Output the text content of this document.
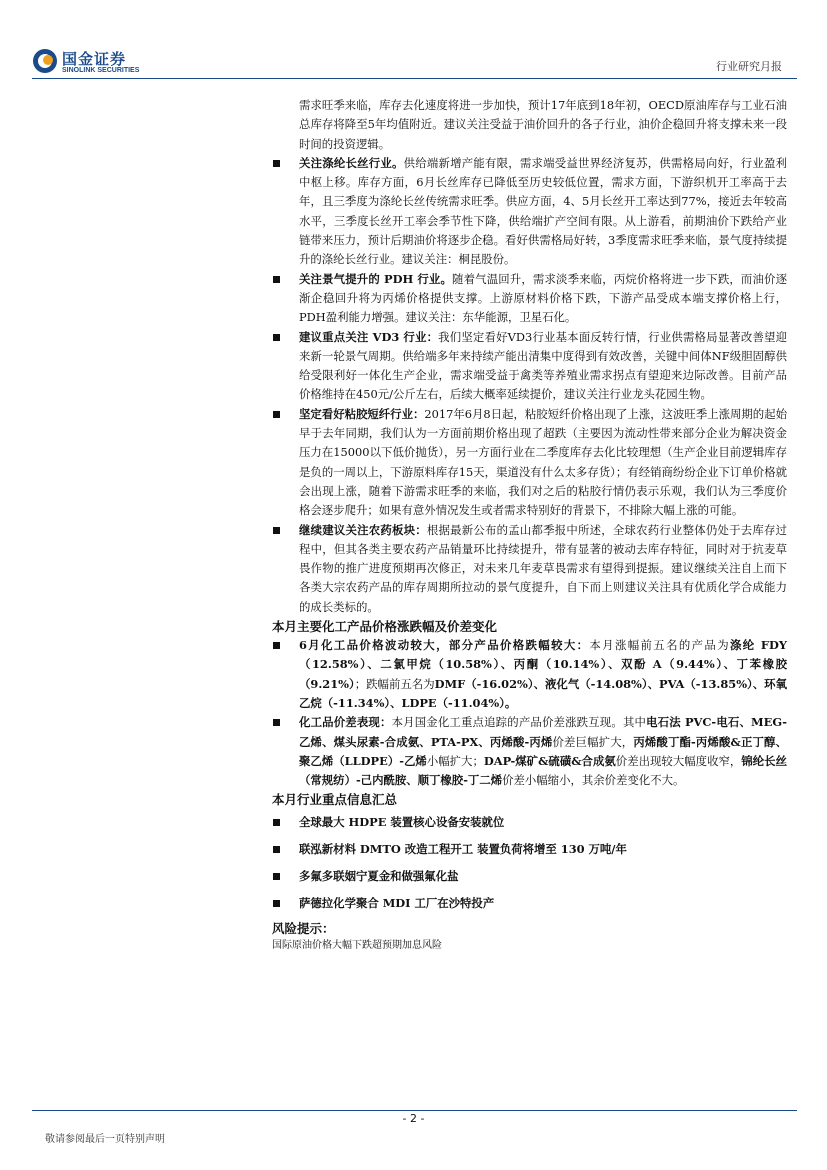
国金证券
SINOLINK SECURITIES	行业研究月报

需求旺季来临，库存去化速度将进一步加快，预计17年底到18年初，OECD原油库存与工业石油总库存将降至5年均值附近。建议关注受益于油价回升的各子行业，油价企稳回升将支撑未来一段时间的投资逻辑。

关注涤纶长丝行业。供给端新增产能有限，需求端受益世界经济复苏，供需格局向好，行业盈利中枢上移。库存方面，6月长丝库存已降低至历史较低位置，需求方面，下游织机开工率高于去年，且三季度为涤纶长丝传统需求旺季。供应方面，4、5月长丝开工率达到77%，接近去年较高水平，三季度长丝开工率会季节性下降，供给端扩产空间有限。从上游看，前期油价下跌给产业链带来压力，预计后期油价将逐步企稳。看好供需格局好转，3季度需求旺季来临，景气度持续提升的涤纶长丝行业。建议关注：桐昆股份。
关注景气提升的 PDH 行业。随着气温回升，需求淡季来临，丙烷价格将进一步下跌，而油价逐渐企稳回升将为丙烯价格提供支撑。上游原材料价格下跌，下游产品受成本端支撑价格上行，PDH盈利能力增强。建议关注：东华能源，卫星石化。
建议重点关注 VD3 行业：我们坚定看好VD3行业基本面反转行情，行业供需格局显著改善望迎来新一轮景气周期。供给端多年来持续产能出清集中度得到有效改善，关键中间体NF级胆固醇供给受限利好一体化生产企业，需求端受益于禽类等养殖业需求拐点有望迎来边际改善。目前产品价格维持在450元/公斤左右，后续大概率延续提价，建议关注行业龙头花园生物。
坚定看好粘胶短纤行业：2017年6月8日起，粘胶短纤价格出现了上涨，这波旺季上涨周期的起始早于去年同期，我们认为一方面前期价格出现了超跌（主要因为流动性带来部分企业为解决资金压力在15000以下低价抛货），另一方面行业在二季度库存去化比较理想（生产企业目前逻辑库存是负的一周以上，下游原料库存15天，渠道没有什么太多存货）；有经销商纷纷企业下订单价格就会出现上涨，随着下游需求旺季的来临，我们对之后的粘胶行情仍表示乐观，我们认为三季度价格会逐步爬升；如果有意外情况发生或者需求特别好的背景下，不排除大幅上涨的可能。
继续建议关注农药板块：根据最新公布的孟山都季报中所述，全球农药行业整体仍处于去库存过程中，但其各类主要农药产品销量环比持续提升，带有显著的被动去库存特征，同时对于抗麦草畏作物的推广进度预期再次修正，对未来几年麦草畏需求有望得到提振。建议继续关注自上而下各类大宗农药产品的库存周期所拉动的景气度提升，自下而上则建议关注具有优质化学合成能力的成长类标的。

本月主要化工产品价格涨跌幅及价差变化

6月化工品价格波动较大，部分产品价格跌幅较大：本月涨幅前五名的产品为涤纶 FDY（12.58%）、二氯甲烷（10.58%）、丙酮（10.14%）、双酚 A（9.44%）、丁苯橡胶（9.21%）；跌幅前五名为DMF（-16.02%）、液化气（-14.08%）、PVA（-13.85%）、环氧乙烷（-11.34%）、LDPE（-11.04%）。
化工品价差表现：本月国金化工重点追踪的产品价差涨跌互现。其中电石法 PVC-电石、MEG-乙烯、煤头尿素-合成氨、PTA-PX、丙烯酸-丙烯价差巨幅扩大，丙烯酸丁酯-丙烯酸&正丁醇、聚乙烯（LLDPE）-乙烯小幅扩大；DAP-煤矿&硫磺&合成氨价差出现较大幅度收窄，锦纶长丝（常规纺）-己内酰胺、顺丁橡胶-丁二烯价差小幅缩小，其余价差变化不大。

本月行业重点信息汇总

全球最大 HDPE 装置核心设备安装就位
联泓新材料 DMTO 改造工程开工 装置负荷将增至 130 万吨/年
多氟多联姻宁夏金和做强氟化盐
萨德拉化学聚合 MDI 工厂在沙特投产

风险提示：

国际原油价格大幅下跌超预期加息风险

- 2 -
敬请参阅最后一页特别声明
